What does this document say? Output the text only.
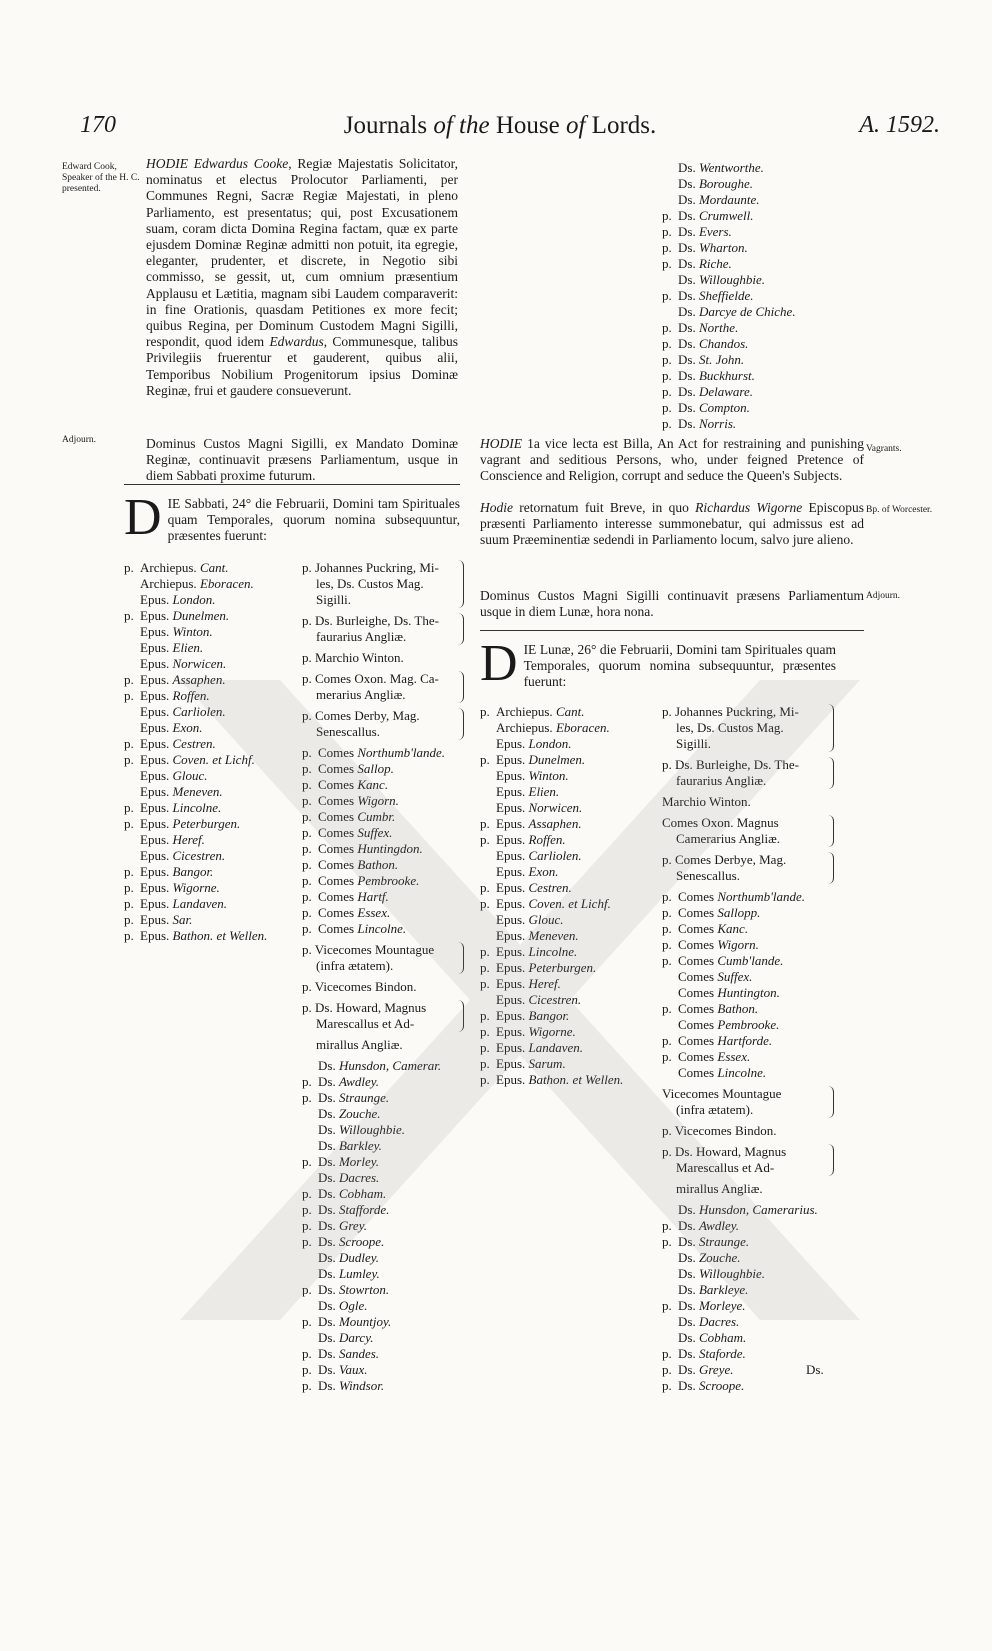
170	Journals of the House of Lords.	A. 1592.
Edward Cook, Speaker of the H. C. presented.
Adjourn.
Vagrants.
Bp. of Worcester.
Adjourn.
HODIE Edwardus Cooke, Regiæ Majestatis Solicitator, nominatus et electus Prolocutor Parliamenti, per Communes Regni, Sacræ Regiæ Majestati, in pleno Parliamento, est presentatus; qui, post Excusationem suam, coram dicta Domina Regina factam, quæ ex parte ejusdem Dominæ Reginæ admitti non potuit, ita egregie, eleganter, prudenter, et discrete, in Negotio sibi commisso, se gessit, ut, cum omnium præsentium Applausu et Lætitia, magnam sibi Laudem comparaverit: in fine Orationis, quasdam Petitiones ex more fecit; quibus Regina, per Dominum Custodem Magni Sigilli, respondit, quod idem Edwardus, Communesque, talibus Privilegiis fruerentur et gauderent, quibus alii, Temporibus Nobilium Progenitorum ipsius Dominæ Reginæ, frui et gaudere consueverunt.
Dominus Custos Magni Sigilli, ex Mandato Dominæ Reginæ, continuavit præsens Parliamentum, usque in diem Sabbati proxime futurum.
D IE Sabbati, 24° die Februarii, Domini tam Spirituales quam Temporales, quorum nomina subsequuntur, præsentes fuerunt:
p. Archiepus. Cant.
Archiepus. Eboracen.
Epus. London.
p. Epus. Dunelmen.
Epus. Winton.
Epus. Elien.
Epus. Norwicen.
p. Epus. Assaphen.
p. Epus. Roffen.
Epus. Carliolen.
Epus. Exon.
p. Epus. Cestren.
p. Epus. Coven. et Lichf.
Epus. Glouc.
Epus. Meneven.
p. Epus. Lincolne.
p. Epus. Peterburgen.
Epus. Heref.
Epus. Cicestren.
p. Epus. Bangor.
p. Epus. Wigorne.
p. Epus. Landaven.
p. Epus. Sar.
p. Epus. Bathon. et Wellen.
p. Johannes Puckring, Mi-
les, Ds. Custos Mag.
Sigilli.
p. Ds. Burleighe, Ds. The-
faurarius Angliæ.
p. Marchio Winton.
p. Comes Oxon. Mag. Ca-
merarius Angliæ.
p. Comes Derby, Mag.
Senescallus.
p. Comes Northumb'lande.
p. Comes Sallop.
p. Comes Kanc.
p. Comes Wigorn.
p. Comes Cumbr.
p. Comes Suffex.
p. Comes Huntingdon.
p. Comes Bathon.
p. Comes Pembrooke.
p. Comes Hartf.
p. Comes Essex.
p. Comes Lincolne.
p. Vicecomes Mountague
(infra ætatem).
p. Vicecomes Bindon.
p. Ds. Howard, Magnus
Marescallus et Ad-
mirallus Angliæ.
Ds. Hunsdon, Camerar.
p. Ds. Awdley.
p. Ds. Straunge.
Ds. Zouche.
Ds. Willoughbie.
Ds. Barkley.
p. Ds. Morley.
Ds. Dacres.
p. Ds. Cobham.
p. Ds. Stafforde.
p. Ds. Grey.
p. Ds. Scroope.
Ds. Dudley.
Ds. Lumley.
p. Ds. Stowrton.
Ds. Ogle.
p. Ds. Mountjoy.
Ds. Darcy.
p. Ds. Sandes.
p. Ds. Vaux.
p. Ds. Windsor.
Ds. Wentworthe.
Ds. Boroughe.
Ds. Mordaunte.
p. Ds. Crumwell.
p. Ds. Evers.
p. Ds. Wharton.
p. Ds. Riche.
Ds. Willoughbie.
p. Ds. Sheffielde.
Ds. Darcye de Chiche.
p. Ds. Northe.
p. Ds. Chandos.
p. Ds. St. John.
p. Ds. Buckhurst.
p. Ds. Delaware.
p. Ds. Compton.
p. Ds. Norris.
HODIE 1a vice lecta est Billa, An Act for restraining and punishing vagrant and seditious Persons, who, under feigned Pretence of Conscience and Religion, corrupt and seduce the Queen's Subjects.
Hodie retornatum fuit Breve, in quo Richardus Wigorne Episcopus præsenti Parliamento interesse summonebatur, qui admissus est ad suum Præeminentiæ sedendi in Parliamento locum, salvo jure alieno.
Dominus Custos Magni Sigilli continuavit præsens Parliamentum usque in diem Lunæ, hora nona.
D IE Lunæ, 26° die Februarii, Domini tam Spirituales quam Temporales, quorum nomina subsequuntur, præsentes fuerunt:
p. Archiepus. Cant.
Archiepus. Eboracen.
Epus. London.
p. Epus. Dunelmen.
Epus. Winton.
Epus. Elien.
Epus. Norwicen.
p. Epus. Assaphen.
p. Epus. Roffen.
Epus. Carliolen.
Epus. Exon.
p. Epus. Cestren.
p. Epus. Coven. et Lichf.
Epus. Glouc.
Epus. Meneven.
p. Epus. Lincolne.
p. Epus. Peterburgen.
p. Epus. Heref.
Epus. Cicestren.
p. Epus. Bangor.
p. Epus. Wigorne.
p. Epus. Landaven.
p. Epus. Sarum.
p. Epus. Bathon. et Wellen.
p. Johannes Puckring, Mi-
les, Ds. Custos Mag.
Sigilli.
p. Ds. Burleighe, Ds. The-
faurarius Angliæ.
Marchio Winton.
Comes Oxon. Magnus
Camerarius Angliæ.
p. Comes Derbye, Mag.
Senescallus.
p. Comes Northumb'lande.
p. Comes Sallopp.
p. Comes Kanc.
p. Comes Wigorn.
p. Comes Cumb'lande.
Comes Suffex.
Comes Huntington.
p. Comes Bathon.
Comes Pembrooke.
p. Comes Hartforde.
p. Comes Essex.
Comes Lincolne.
Vicecomes Mountague
(infra ætatem).
p. Vicecomes Bindon.
p. Ds. Howard, Magnus
Marescallus et Ad-
mirallus Angliæ.
Ds. Hunsdon, Camerarius.
p. Ds. Awdley.
p. Ds. Straunge.
Ds. Zouche.
Ds. Willoughbie.
Ds. Barkleye.
p. Ds. Morleye.
Ds. Dacres.
Ds. Cobham.
p. Ds. Staforde.
p. Ds. Greye.
p. Ds. Scroope.
Ds.
